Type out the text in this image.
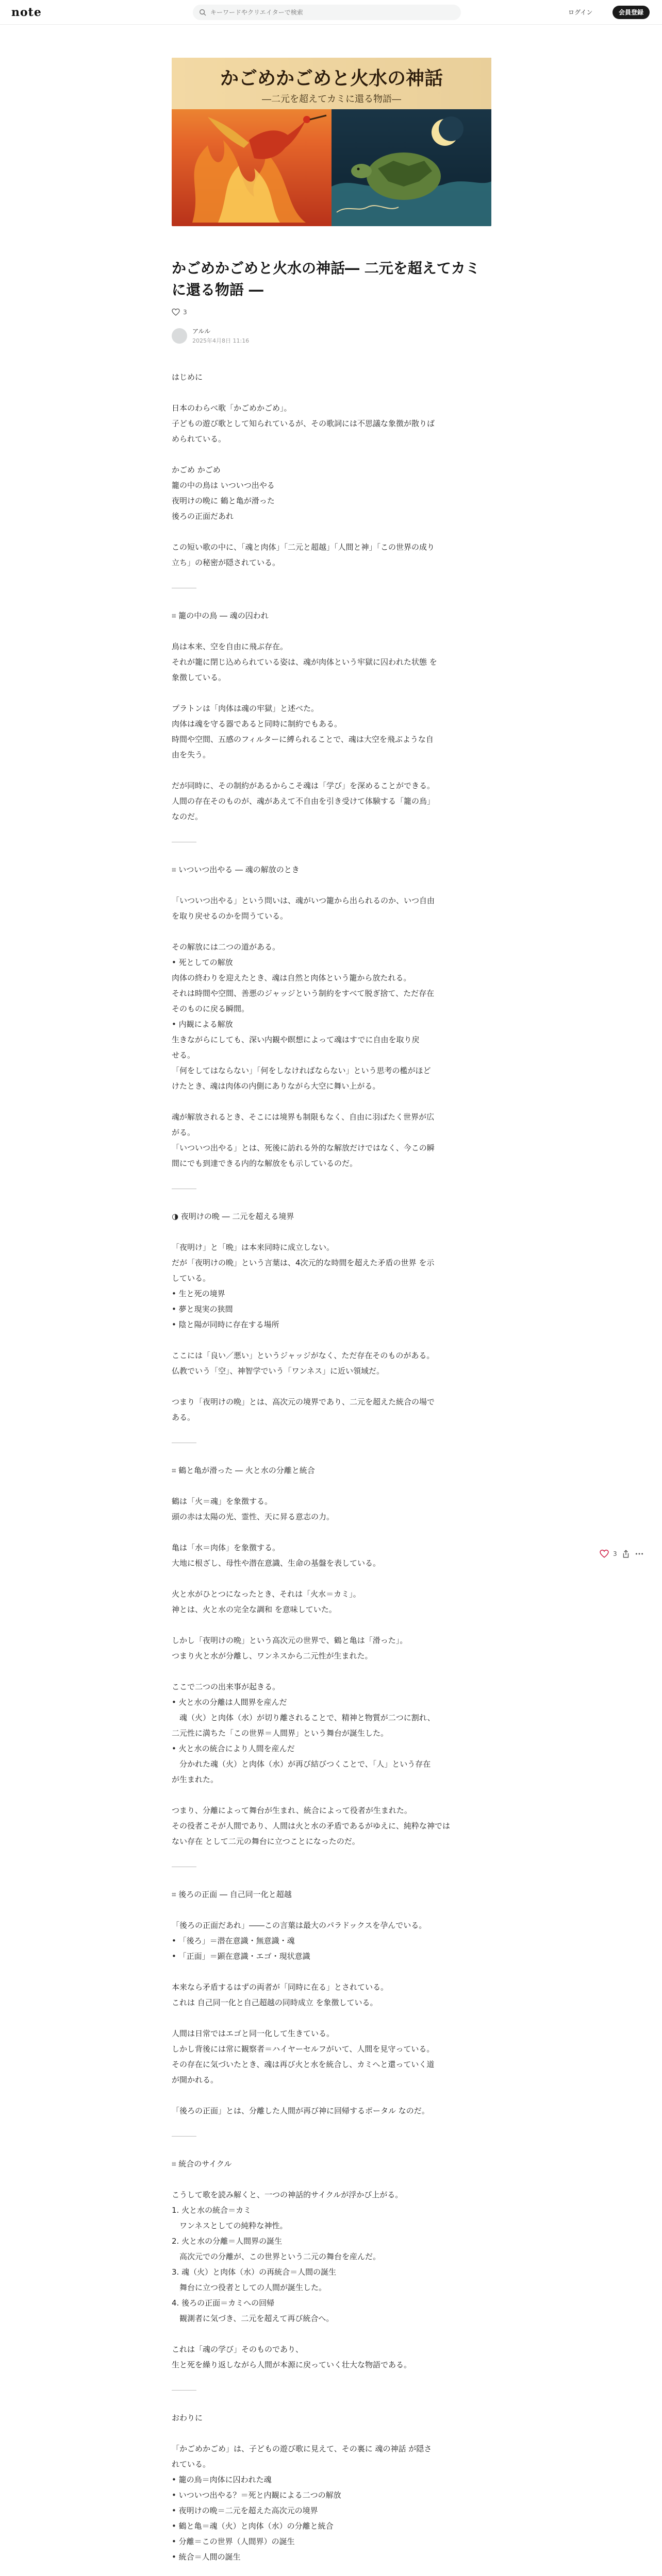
note
キーワードやクリエイターで検索	ログイン	会員登録
かごめかごめと火水の神話
―二元を超えてカミに還る物語―
かごめかごめと火水の神話― 二元を超えてカミに還る物語 ―
3
アルル
2025年4月8日 11:16
はじめに
日本のわらべ歌「かごめかごめ」。
子どもの遊び歌として知られているが、その歌詞には不思議な象徴が散りば
められている。
かごめ かごめ
籠の中の鳥は いついつ出やる
夜明けの晩に 鶴と亀が滑った
後ろの正面だあれ
この短い歌の中に、「魂と肉体」「二元と超越」「人間と神」「この世界の成り
立ち」の秘密が隠されている。
⌗ 籠の中の鳥 ― 魂の囚われ
鳥は本来、空を自由に飛ぶ存在。
それが籠に閉じ込められている姿は、魂が肉体という牢獄に囚われた状態 を
象徴している。
プラトンは「肉体は魂の牢獄」と述べた。
肉体は魂を守る器であると同時に制約でもある。
時間や空間、五感のフィルターに縛られることで、魂は大空を飛ぶような自
由を失う。
だが同時に、その制約があるからこそ魂は「学び」を深めることができる。
人間の存在そのものが、魂があえて不自由を引き受けて体験する「籠の鳥」
なのだ。
⌗ いついつ出やる ― 魂の解放のとき
「いついつ出やる」という問いは、魂がいつ籠から出られるのか、いつ自由
を取り戻せるのかを問うている。
その解放には二つの道がある。
• 死としての解放
肉体の終わりを迎えたとき、魂は自然と肉体という籠から放たれる。
それは時間や空間、善悪のジャッジという制約をすべて脱ぎ捨て、ただ存在
そのものに戻る瞬間。
• 内観による解放
生きながらにしても、深い内観や瞑想によって魂はすでに自由を取り戻
せる。
「何をしてはならない」「何をしなければならない」という思考の檻がほど
けたとき、魂は肉体の内側にありながら大空に舞い上がる。
魂が解放されるとき、そこには境界も制限もなく、自由に羽ばたく世界が広
がる。
「いついつ出やる」とは、死後に訪れる外的な解放だけではなく、今この瞬
間にでも到達できる内的な解放をも示しているのだ。
◑ 夜明けの晩 ― 二元を超える境界
「夜明け」と「晩」は本来同時に成立しない。
だが「夜明けの晩」という言葉は、4次元的な時間を超えた矛盾の世界 を示
している。
• 生と死の境界
• 夢と現実の狭間
• 陰と陽が同時に存在する場所
ここには「良い／悪い」というジャッジがなく、ただ存在そのものがある。
仏教でいう「空」、神智学でいう「ワンネス」に近い領域だ。
つまり「夜明けの晩」とは、高次元の境界であり、二元を超えた統合の場で
ある。
⌗ 鶴と亀が滑った ― 火と水の分離と統合
鶴は「火＝魂」を象徴する。
頭の赤は太陽の光、霊性、天に昇る意志の力。
亀は「水＝肉体」を象徴する。
大地に根ざし、母性や潜在意識、生命の基盤を表している。
火と水がひとつになったとき、それは「火水＝カミ」。
神とは、火と水の完全な調和 を意味していた。
しかし「夜明けの晩」という高次元の世界で、鶴と亀は「滑った」。
つまり火と水が分離し、ワンネスから二元性が生まれた。
ここで二つの出来事が起きる。
• 火と水の分離は人間界を産んだ
　魂（火）と肉体（水）が切り離されることで、精神と物質が二つに割れ、
二元性に満ちた「この世界＝人間界」という舞台が誕生した。
• 火と水の統合により人間を産んだ
　分かれた魂（火）と肉体（水）が再び結びつくことで、「人」という存在
が生まれた。
つまり、分離によって舞台が生まれ、統合によって役者が生まれた。
その役者こそが人間であり、人間は火と水の矛盾であるがゆえに、純粋な神では
ない存在 として二元の舞台に立つことになったのだ。
⌗ 後ろの正面 ― 自己同一化と超越
「後ろの正面だあれ」――この言葉は最大のパラドックスを孕んでいる。
• 「後ろ」＝潜在意識・無意識・魂
• 「正面」＝顕在意識・エゴ・現状意識
本来なら矛盾するはずの両者が「同時に在る」とされている。
これは 自己同一化と自己超越の同時成立 を象徴している。
人間は日常ではエゴと同一化して生きている。
しかし背後には常に観察者＝ハイヤーセルフがいて、人間を見守っている。
その存在に気づいたとき、魂は再び火と水を統合し、カミへと還っていく道
が開かれる。
「後ろの正面」とは、分離した人間が再び神に回帰するポータル なのだ。
⌗ 統合のサイクル
こうして歌を読み解くと、一つの神話的サイクルが浮かび上がる。
1. 火と水の統合＝カミ
　ワンネスとしての純粋な神性。
2. 火と水の分離＝人間界の誕生
　高次元での分離が、この世界という二元の舞台を産んだ。
3. 魂（火）と肉体（水）の再統合＝人間の誕生
　舞台に立つ役者としての人間が誕生した。
4. 後ろの正面＝カミへの回帰
　観測者に気づき、二元を超えて再び統合へ。
これは「魂の学び」そのものであり、
生と死を繰り返しながら人間が本源に戻っていく壮大な物語である。
おわりに
「かごめかごめ」は、子どもの遊び歌に見えて、その裏に 魂の神話 が隠さ
れている。
• 籠の鳥＝肉体に囚われた魂
• いついつ出やる？＝死と内観による二つの解放
• 夜明けの晩＝二元を超えた高次元の境界
• 鶴と亀＝魂（火）と肉体（水）の分離と統合
• 分離＝この世界（人間界）の誕生
• 統合＝人間の誕生
3
